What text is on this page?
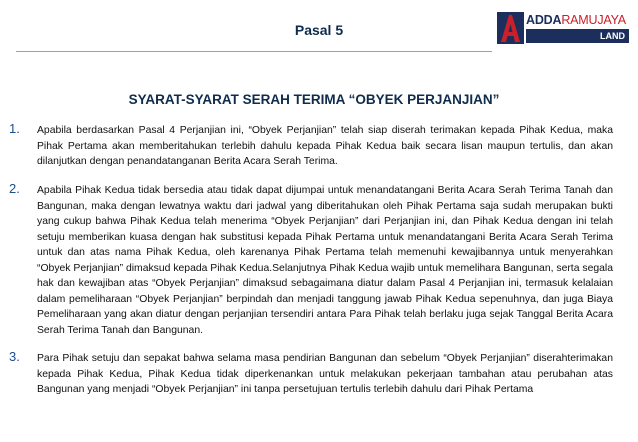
Pasal 5
ADDARAMUJAYA
LAND
SYARAT-SYARAT SERAH TERIMA “OBYEK PERJANJIAN”
1. Apabila berdasarkan Pasal 4 Perjanjian ini, “Obyek Perjanjian” telah siap diserah terimakan kepada Pihak Kedua, maka Pihak Pertama akan memberitahukan terlebih dahulu kepada Pihak Kedua baik secara lisan maupun tertulis, dan akan dilanjutkan dengan penandatanganan Berita Acara Serah Terima.

2. Apabila Pihak Kedua tidak bersedia atau tidak dapat dijumpai untuk menandatangani Berita Acara Serah Terima Tanah dan Bangunan, maka dengan lewatnya waktu dari jadwal yang diberitahukan oleh Pihak Pertama saja sudah merupakan bukti yang cukup bahwa Pihak Kedua telah menerima “Obyek Perjanjian” dari Perjanjian ini, dan Pihak Kedua dengan ini telah setuju memberikan kuasa dengan hak substitusi kepada Pihak Pertama untuk menandatangani Berita Acara Serah Terima untuk dan atas nama Pihak Kedua, oleh karenanya Pihak Pertama telah memenuhi kewajibannya untuk menyerahkan “Obyek Perjanjian” dimaksud kepada Pihak Kedua.Selanjutnya Pihak Kedua wajib untuk memelihara Bangunan, serta segala hak dan kewajiban atas “Obyek Perjanjian” dimaksud sebagaimana diatur dalam Pasal 4 Perjanjian ini, termasuk kelalaian dalam pemeliharaan “Obyek Perjanjian” berpindah dan menjadi tanggung jawab Pihak Kedua sepenuhnya, dan juga Biaya Pemeliharaan yang akan diatur dengan perjanjian tersendiri antara Para Pihak telah berlaku juga sejak Tanggal Berita Acara Serah Terima Tanah dan Bangunan.

3. Para Pihak setuju dan sepakat bahwa selama masa pendirian Bangunan dan sebelum “Obyek Perjanjian” diserahterimakan kepada Pihak Kedua, Pihak Kedua tidak diperkenankan untuk melakukan pekerjaan tambahan atau perubahan atas Bangunan yang menjadi “Obyek Perjanjian” ini tanpa persetujuan tertulis terlebih dahulu dari Pihak Pertama
